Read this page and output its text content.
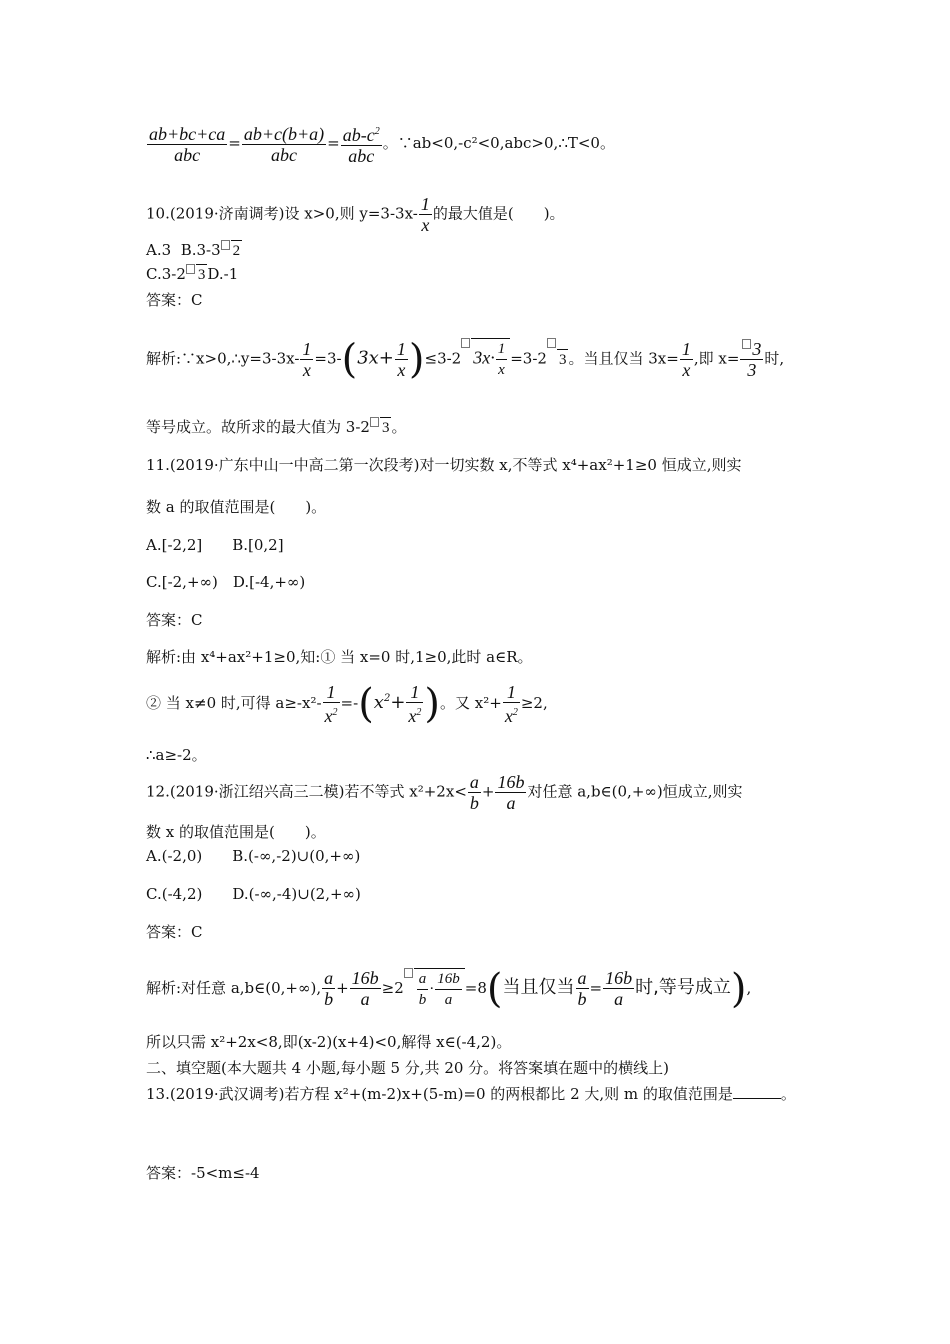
$\frac{ab+bc+ca}{\text{abc}} = \frac{ab+c(b+a)}{\text{abc}} = \frac{ab-c^2}{\text{abc}}$ 。∵ab<0,-c²<0,abc>0,∴T<0。
10.(2019·济南调考)设 x>0,则 $y=3-3x- \frac{1}{x}$ 的最大值是(　　)。
A.3 B.3-3 2
C.3-2 3 D.-1
答案：C
解析:∵x>0,∴y=3-3x- $\frac{1}{x} =3-(3x+ \frac{1}{x} )\le 3-2$ $3x\cdot \frac{1}{x} =3-2$ 3 。当且仅当 $3x= \frac{1}{x}$ ,即 $x= \frac{3}{3}$ 时,
等号成立。故所求的最大值为 3-2 3 。
11.(2019·广东中山一中高二第一次段考)对一切实数 x,不等式 x⁴+ax²+1≥0 恒成立,则实
数 a 的取值范围是(　　)。
A.[-2,2]　　B.[0,2]
C.[-2,+∞)　D.[-4,+∞)
答案：C
解析:由 x⁴+ax²+1≥0,知:① 当 x=0 时,1≥0,此时 a∈R。
② 当 x≠0 时,可得 $a\ge-x^2- \frac{1}{x^2} =-(x^2+ \frac{1}{x^2}$ )。又 $x^2+ \frac{1}{x^2} \ge 2$,
∴a≥-2。
12.(2019·浙江绍兴高三二模)若不等式 $x^2+2x< \frac{a}{b} + \frac{16b}{a}$ 对任意 a,b∈(0,+∞)恒成立,则实
数 x 的取值范围是(　　)。
A.(-2,0)　　B.(-∞,-2)∪(0,+∞)
C.(-4,2)　　D.(-∞,-4)∪(2,+∞)
答案：C
解析:对任意 a,b∈(0,+∞), $\frac{a}{b} + \frac{16b}{a} \ge 2 \frac{a}{b} \cdot \frac{16b}{a} =8$(当且仅当 $\frac{a}{b} = \frac{16b}{a}$ 时,等号成立),
所以只需 x²+2x<8,即(x-2)(x+4)<0,解得 x∈(-4,2)。
二、填空题(本大题共 4 小题,每小题 5 分,共 20 分。将答案填在题中的横线上)
13.(2019·武汉调考)若方程 x²+(m-2)x+(5-m)=0 的两根都比 2 大,则 m 的取值范围是	。
答案：-5<m≤-4
